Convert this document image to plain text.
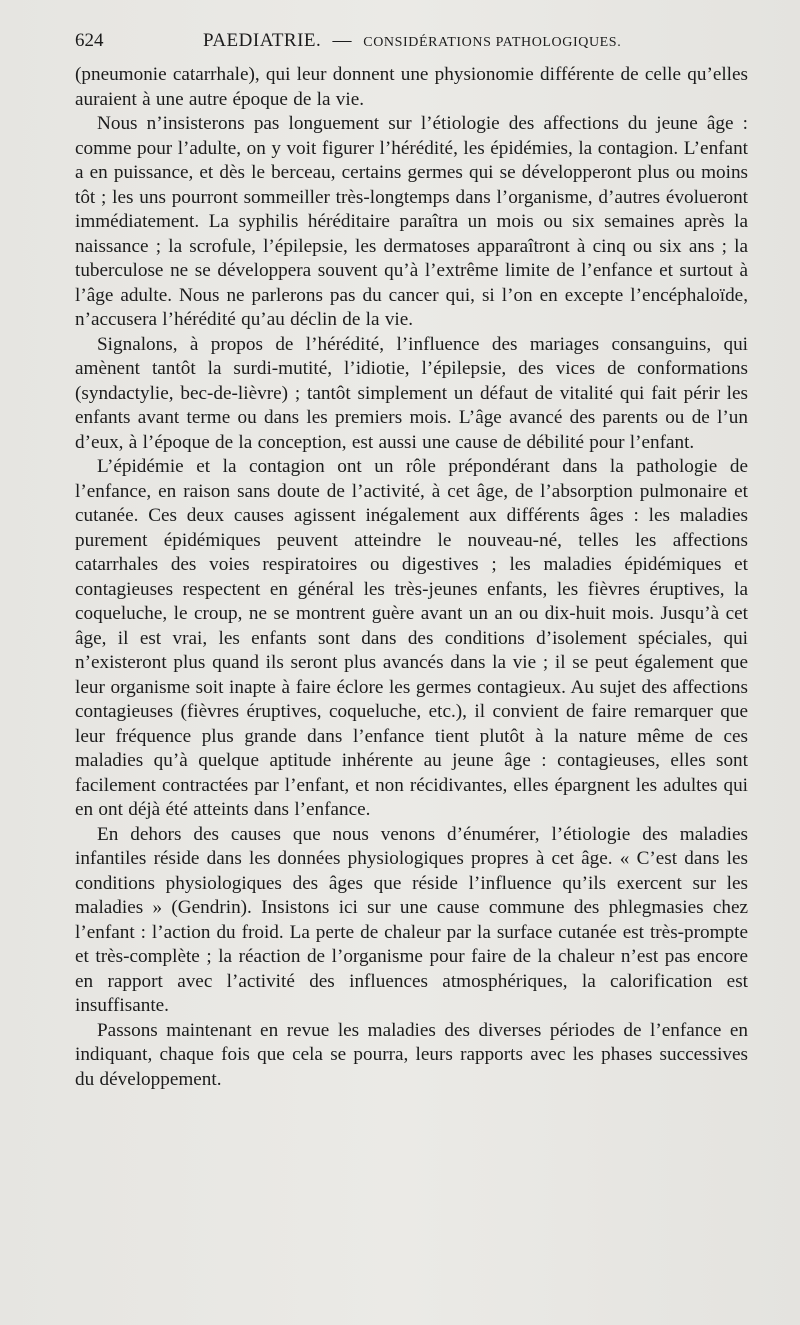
624	PAEDIATRIE. — CONSIDÉRATIONS PATHOLOGIQUES.

(pneumonie catarrhale), qui leur donnent une physionomie différente de celle qu’elles auraient à une autre époque de la vie.

Nous n’insisterons pas longuement sur l’étiologie des affections du jeune âge : comme pour l’adulte, on y voit figurer l’hérédité, les épidémies, la contagion. L’enfant a en puissance, et dès le berceau, certains germes qui se développeront plus ou moins tôt ; les uns pourront sommeiller très-longtemps dans l’organisme, d’autres évolueront immédiatement. La syphilis héréditaire paraîtra un mois ou six semaines après la naissance ; la scrofule, l’épilepsie, les dermatoses apparaîtront à cinq ou six ans ; la tuberculose ne se développera souvent qu’à l’extrême limite de l’enfance et surtout à l’âge adulte. Nous ne parlerons pas du cancer qui, si l’on en excepte l’encéphaloïde, n’accusera l’hérédité qu’au déclin de la vie.

Signalons, à propos de l’hérédité, l’influence des mariages consanguins, qui amènent tantôt la surdi-mutité, l’idiotie, l’épilepsie, des vices de conformations (syndactylie, bec-de-lièvre) ; tantôt simplement un défaut de vitalité qui fait périr les enfants avant terme ou dans les premiers mois. L’âge avancé des parents ou de l’un d’eux, à l’époque de la conception, est aussi une cause de débilité pour l’enfant.

L’épidémie et la contagion ont un rôle prépondérant dans la pathologie de l’enfance, en raison sans doute de l’activité, à cet âge, de l’absorption pulmonaire et cutanée. Ces deux causes agissent inégalement aux différents âges : les maladies purement épidémiques peuvent atteindre le nouveau-né, telles les affections catarrhales des voies respiratoires ou digestives ; les maladies épidémiques et contagieuses respectent en général les très-jeunes enfants, les fièvres éruptives, la coqueluche, le croup, ne se montrent guère avant un an ou dix-huit mois. Jusqu’à cet âge, il est vrai, les enfants sont dans des conditions d’isolement spéciales, qui n’existeront plus quand ils seront plus avancés dans la vie ; il se peut également que leur organisme soit inapte à faire éclore les germes contagieux. Au sujet des affections contagieuses (fièvres éruptives, coqueluche, etc.), il convient de faire remarquer que leur fréquence plus grande dans l’enfance tient plutôt à la nature même de ces maladies qu’à quelque aptitude inhérente au jeune âge : contagieuses, elles sont facilement contractées par l’enfant, et non récidivantes, elles épargnent les adultes qui en ont déjà été atteints dans l’enfance.

En dehors des causes que nous venons d’énumérer, l’étiologie des maladies infantiles réside dans les données physiologiques propres à cet âge. « C’est dans les conditions physiologiques des âges que réside l’influence qu’ils exercent sur les maladies » (Gendrin). Insistons ici sur une cause commune des phlegmasies chez l’enfant : l’action du froid. La perte de chaleur par la surface cutanée est très-prompte et très-complète ; la réaction de l’organisme pour faire de la chaleur n’est pas encore en rapport avec l’activité des influences atmosphériques, la calorification est insuffisante.

Passons maintenant en revue les maladies des diverses périodes de l’enfance en indiquant, chaque fois que cela se pourra, leurs rapports avec les phases successives du développement.
